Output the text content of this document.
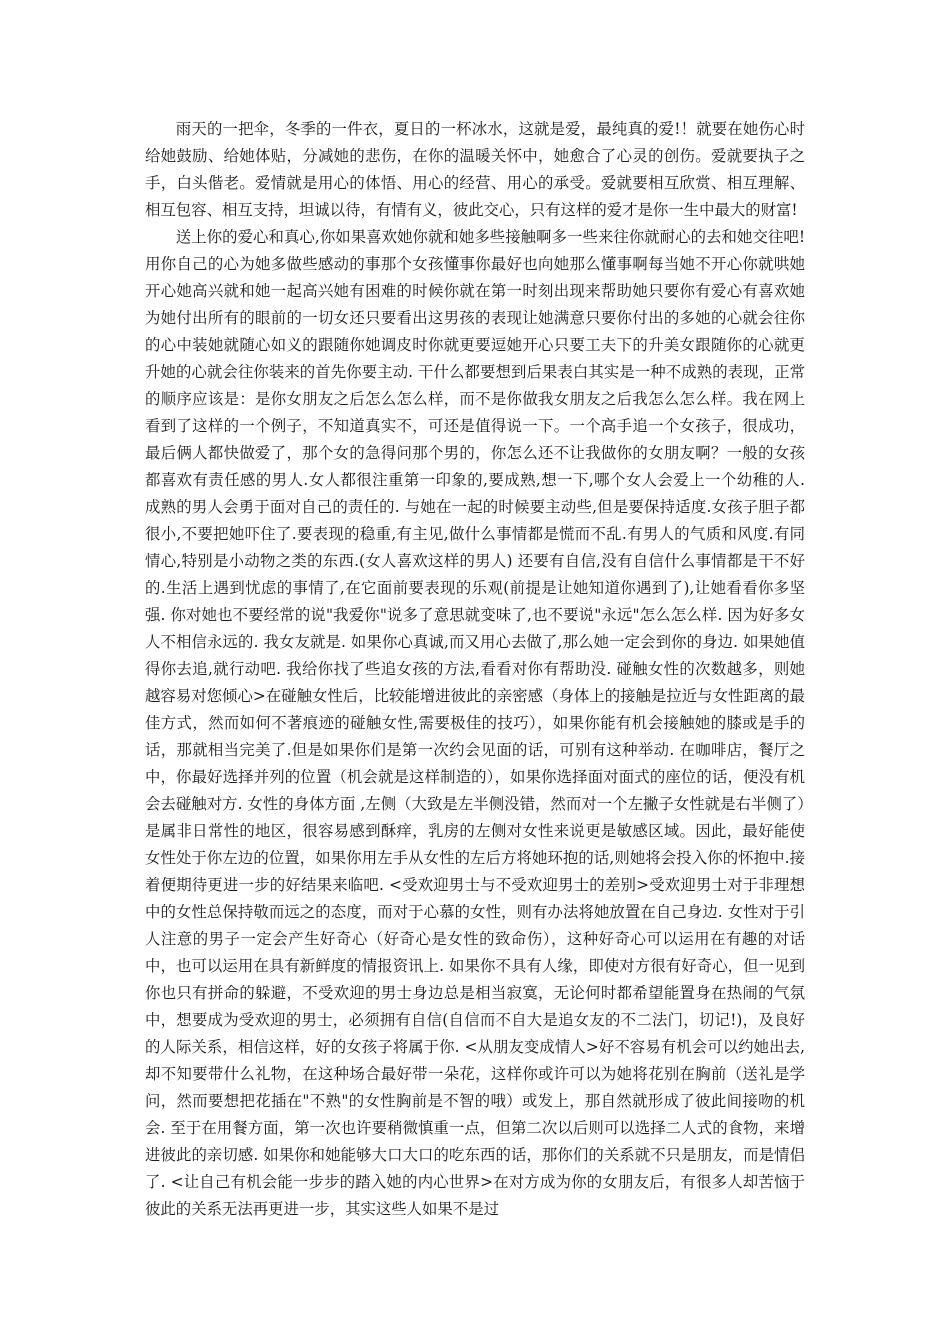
雨天的一把伞，冬季的一件衣，夏日的一杯冰水，这就是爱，最纯真的爱!！就要在她伤心时给她鼓励、给她体贴，分减她的悲伤，在你的温暖关怀中，她愈合了心灵的创伤。爱就要执子之手，白头偕老。爱情就是用心的体悟、用心的经营、用心的承受。爱就要相互欣赏、相互理解、相互包容、相互支持，坦诚以待，有情有义，彼此交心，只有这样的爱才是你一生中最大的财富!

送上你的爱心和真心,你如果喜欢她你就和她多些接触啊多一些来往你就耐心的去和她交往吧!用你自己的心为她多做些感动的事那个女孩懂事你最好也向她那么懂事啊每当她不开心你就哄她开心她高兴就和她一起高兴她有困难的时候你就在第一时刻出现来帮助她只要你有爱心有喜欢她为她付出所有的眼前的一切女还只要看出这男孩的表现让她满意只要你付出的多她的心就会往你的心中装她就随心如义的跟随你她调皮时你就更要逗她开心只要工夫下的升美女跟随你的心就更升她的心就会往你装来的首先你要主动. 干什么都要想到后果表白其实是一种不成熟的表现，正常的顺序应该是：是你女朋友之后怎么怎么样，而不是你做我女朋友之后我怎么怎么样。我在网上看到了这样的一个例子，不知道真实不，可还是值得说一下。一个高手追一个女孩子，很成功，最后俩人都快做爱了，那个女的急得问那个男的，你怎么还不让我做你的女朋友啊？一般的女孩都喜欢有责任感的男人.女人都很注重第一印象的,要成熟,想一下,哪个女人会爱上一个幼稚的人. 成熟的男人会勇于面对自己的责任的. 与她在一起的时候要主动些,但是要保持适度.女孩子胆子都很小,不要把她吓住了.要表现的稳重,有主见,做什么事情都是慌而不乱.有男人的气质和风度.有同情心,特别是小动物之类的东西.(女人喜欢这样的男人) 还要有自信,没有自信什么事情都是干不好的.生活上遇到忧虑的事情了,在它面前要表现的乐观(前提是让她知道你遇到了),让她看看你多坚强. 你对她也不要经常的说"我爱你"说多了意思就变味了,也不要说"永远"怎么怎么样. 因为好多女人不相信永远的. 我女友就是. 如果你心真诚,而又用心去做了,那么她一定会到你的身边. 如果她值得你去追,就行动吧. 我给你找了些追女孩的方法,看看对你有帮助没. 碰触女性的次数越多，则她越容易对您倾心>在碰触女性后，比较能增进彼此的亲密感（身体上的接触是拉近与女性距离的最佳方式，然而如何不著痕迹的碰触女性,需要极佳的技巧），如果你能有机会接触她的膝或是手的话，那就相当完美了.但是如果你们是第一次约会见面的话，可别有这种举动. 在咖啡店，餐厅之中，你最好选择并列的位置（机会就是这样制造的），如果你选择面对面式的座位的话，便没有机会去碰触对方. 女性的身体方面 ,左侧（大致是左半侧没错，然而对一个左撇子女性就是右半侧了）是属非日常性的地区，很容易感到酥痒，乳房的左侧对女性来说更是敏感区域。因此，最好能使女性处于你左边的位置，如果你用左手从女性的左后方将她环抱的话,则她将会投入你的怀抱中.接着便期待更进一步的好结果来临吧. <受欢迎男士与不受欢迎男士的差别>受欢迎男士对于非理想中的女性总保持敬而远之的态度，而对于心慕的女性，则有办法将她放置在自己身边. 女性对于引人注意的男子一定会产生好奇心（好奇心是女性的致命伤），这种好奇心可以运用在有趣的对话中，也可以运用在具有新鲜度的情报资讯上. 如果你不具有人缘，即使对方很有好奇心，但一见到你也只有拼命的躲避，不受欢迎的男士身边总是相当寂寞，无论何时都希望能置身在热闹的气氛中，想要成为受欢迎的男士，必须拥有自信(自信而不自大是追女友的不二法门，切记!)，及良好的人际关系，相信这样，好的女孩子将属于你. <从朋友变成情人>好不容易有机会可以约她出去,却不知要带什么礼物，在这种场合最好带一朵花，这样你或许可以为她将花别在胸前（送礼是学问，然而要想把花插在"不熟"的女性胸前是不智的哦）或发上，那自然就形成了彼此间接吻的机会. 至于在用餐方面，第一次也许要稍微慎重一点，但第二次以后则可以选择二人式的食物，来增进彼此的亲切感. 如果你和她能够大口大口的吃东西的话，那你们的关系就不只是朋友，而是情侣了. <让自己有机会能一步步的踏入她的内心世界>在对方成为你的女朋友后，有很多人却苦恼于彼此的关系无法再更进一步，其实这些人如果不是过
